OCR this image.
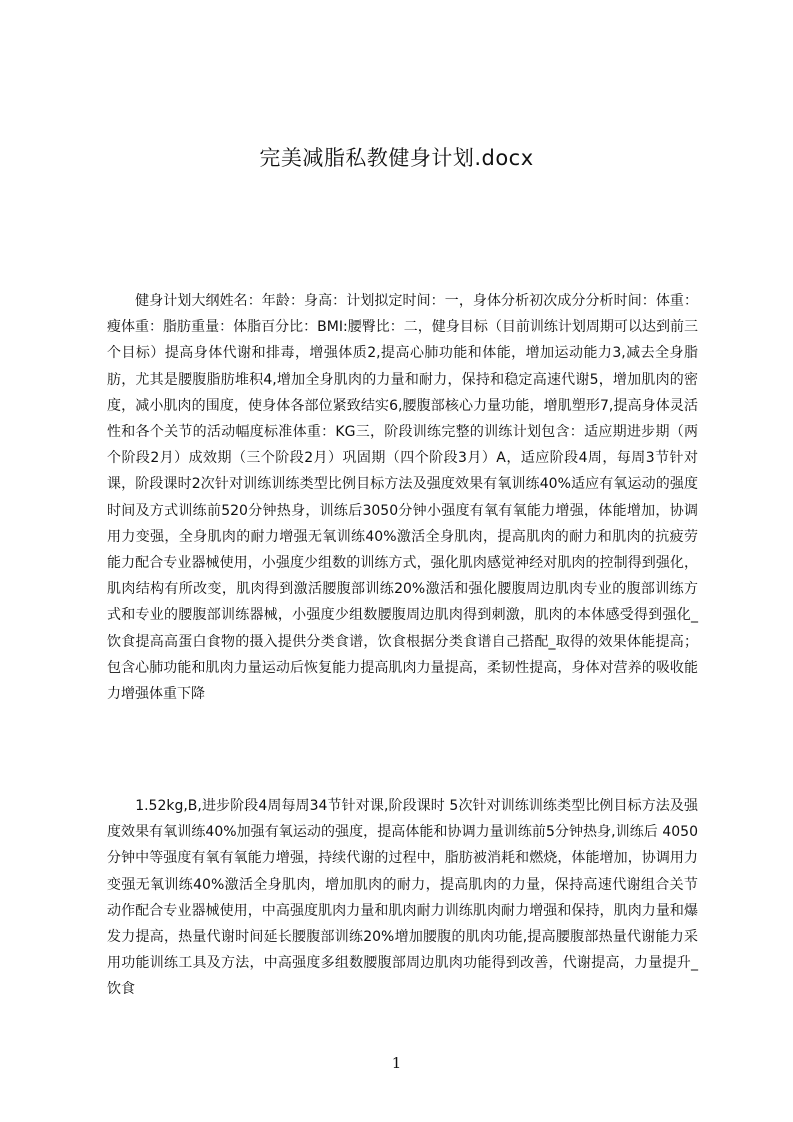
完美减脂私教健身计划.docx

　　健身计划大纲姓名：年龄：身高：计划拟定时间：一，身体分析初次成分分析时间：体重：瘦体重：脂肪重量：体脂百分比：BMI:腰臀比：二，健身目标（目前训练计划周期可以达到前三个目标）提高身体代谢和排毒，增强体质2,提高心肺功能和体能，增加运动能力3,减去全身脂肪，尤其是腰腹脂肪堆积4,增加全身肌肉的力量和耐力，保持和稳定高速代谢5，增加肌肉的密度，减小肌肉的围度，使身体各部位紧致结实6,腰腹部核心力量功能，增肌塑形7,提高身体灵活性和各个关节的活动幅度标准体重：KG三，阶段训练完整的训练计划包含：适应期进步期（两个阶段2月）成效期（三个阶段2月）巩固期（四个阶段3月）A，适应阶段4周，每周3节针对课，阶段课时2次针对训练训练类型比例目标方法及强度效果有氧训练40%适应有氧运动的强度时间及方式训练前520分钟热身，训练后3050分钟小强度有氧有氧能力增强，体能增加，协调用力变强，全身肌肉的耐力增强无氧训练40%激活全身肌肉，提高肌肉的耐力和肌肉的抗疲劳能力配合专业器械使用，小强度少组数的训练方式，强化肌肉感觉神经对肌肉的控制得到强化，肌肉结构有所改变，肌肉得到激活腰腹部训练20%激活和强化腰腹周边肌肉专业的腹部训练方式和专业的腰腹部训练器械，小强度少组数腰腹周边肌肉得到刺激，肌肉的本体感受得到强化_饮食提高高蛋白食物的摄入提供分类食谱，饮食根据分类食谱自己搭配_取得的效果体能提高；包含心肺功能和肌肉力量运动后恢复能力提高肌肉力量提高，柔韧性提高，身体对营养的吸收能力增强体重下降

　　1.52kg,B,进步阶段4周每周34节针对课,阶段课时 5次针对训练训练类型比例目标方法及强度效果有氧训练40%加强有氧运动的强度，提高体能和协调力量训练前5分钟热身,训练后 4050分钟中等强度有氧有氧能力增强，持续代谢的过程中，脂肪被消耗和燃烧，体能增加，协调用力变强无氧训练40%激活全身肌肉，增加肌肉的耐力，提高肌肉的力量，保持高速代谢组合关节动作配合专业器械使用，中高强度肌肉力量和肌肉耐力训练肌肉耐力增强和保持，肌肉力量和爆发力提高，热量代谢时间延长腰腹部训练20%增加腰腹的肌肉功能,提高腰腹部热量代谢能力采用功能训练工具及方法，中高强度多组数腰腹部周边肌肉功能得到改善，代谢提高，力量提升_饮食

1
